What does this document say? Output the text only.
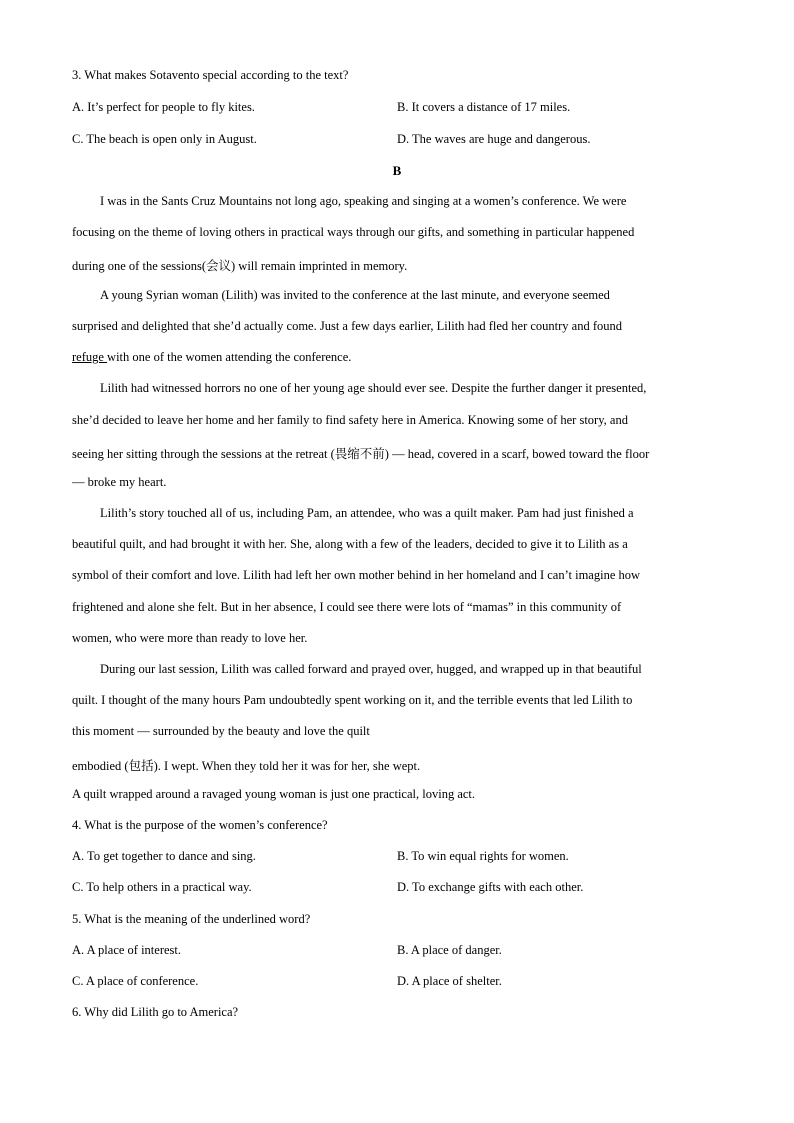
3. What makes Sotavento special according to the text?
A. It’s perfect for people to fly kites.	B. It covers a distance of 17 miles.
C. The beach is open only in August.	D. The waves are huge and dangerous.
B
I was in the Sants Cruz Mountains not long ago, speaking and singing at a women’s conference. We were
focusing on the theme of loving others in practical ways through our gifts, and something in particular happened
during one of the sessions(会议) will remain imprinted in memory.
A young Syrian woman (Lilith) was invited to the conference at the last minute, and everyone seemed
surprised and delighted that she’d actually come. Just a few days earlier, Lilith had fled her country and found
refuge with one of the women attending the conference.
Lilith had witnessed horrors no one of her young age should ever see. Despite the further danger it presented,
she’d decided to leave her home and her family to find safety here in America. Knowing some of her story, and
seeing her sitting through the sessions at the retreat (畏缩不前) — head, covered in a scarf, bowed toward the floor
— broke my heart.
Lilith’s story touched all of us, including Pam, an attendee, who was a quilt maker. Pam had just finished a
beautiful quilt, and had brought it with her. She, along with a few of the leaders, decided to give it to Lilith as a
symbol of their comfort and love. Lilith had left her own mother behind in her homeland and I can’t imagine how
frightened and alone she felt. But in her absence, I could see there were lots of “mamas” in this community of
women, who were more than ready to love her.
During our last session, Lilith was called forward and prayed over, hugged, and wrapped up in that beautiful
quilt. I thought of the many hours Pam undoubtedly spent working on it, and the terrible events that led Lilith to
this moment — surrounded by the beauty and love the quilt
embodied (包括). I wept. When they told her it was for her, she wept.
A quilt wrapped around a ravaged young woman is just one practical, loving act.
4. What is the purpose of the women’s conference?
A. To get together to dance and sing.	B. To win equal rights for women.
C. To help others in a practical way.	D. To exchange gifts with each other.
5. What is the meaning of the underlined word?
A. A place of interest.	B. A place of danger.
C. A place of conference.	D. A place of shelter.
6. Why did Lilith go to America?
